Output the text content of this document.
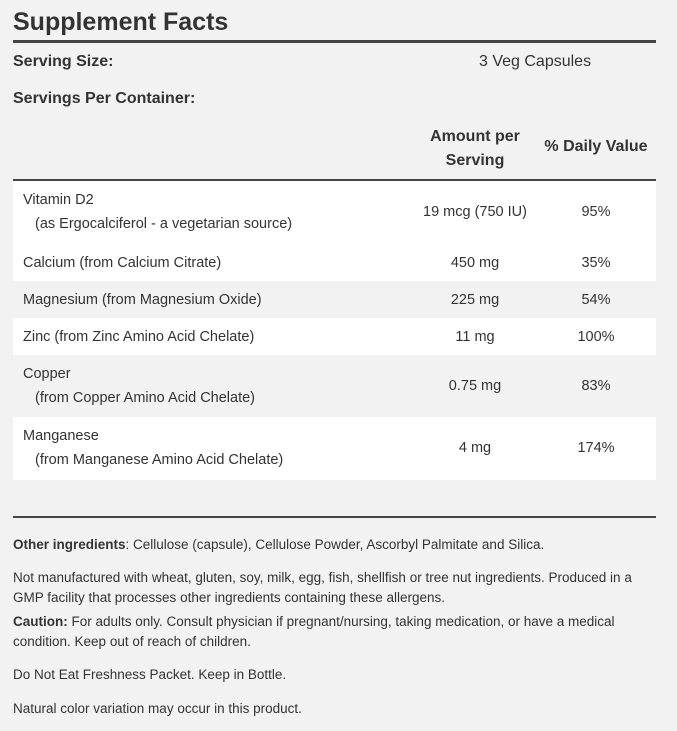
Supplement Facts
Serving Size:	3 Veg Capsules
Servings Per Container:
Amount per
Serving
% Daily Value
Vitamin D2
(as Ergocalciferol - a vegetarian source)
19 mcg (750 IU)	95%
Calcium (from Calcium Citrate)	450 mg	35%
Magnesium (from Magnesium Oxide)	225 mg	54%
Zinc (from Zinc Amino Acid Chelate)	11 mg	100%
Copper
(from Copper Amino Acid Chelate)
0.75 mg	83%
Manganese
(from Manganese Amino Acid Chelate)
4 mg	174%

Other ingredients: Cellulose (capsule), Cellulose Powder, Ascorbyl Palmitate and Silica.

Not manufactured with wheat, gluten, soy, milk, egg, fish, shellfish or tree nut ingredients. Produced in a GMP facility that processes other ingredients containing these allergens.

Caution: For adults only. Consult physician if pregnant/nursing, taking medication, or have a medical condition. Keep out of reach of children.

Do Not Eat Freshness Packet. Keep in Bottle.

Natural color variation may occur in this product.
